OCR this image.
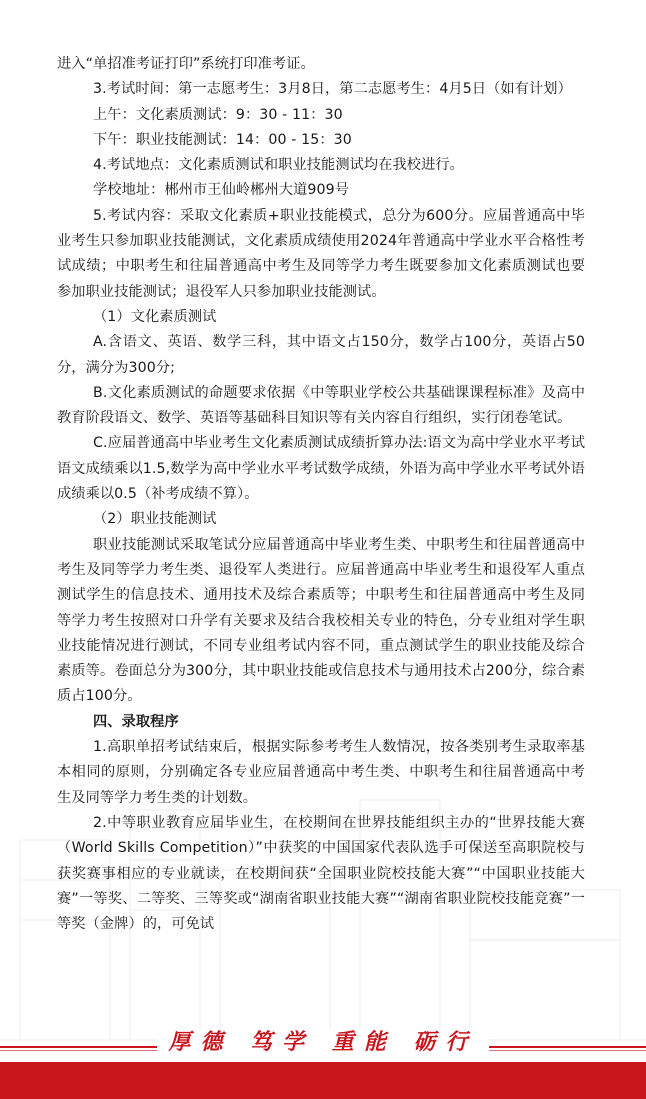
进入“单招准考证打印”系统打印准考证。

3.考试时间：第一志愿考生：3月8日，第二志愿考生：4月5日（如有计划）

上午：文化素质测试：9：30 - 11：30

下午：职业技能测试：14：00 - 15：30

4.考试地点：文化素质测试和职业技能测试均在我校进行。

学校地址：郴州市王仙岭郴州大道909号

5.考试内容：采取文化素质+职业技能模式，总分为600分。应届普通高中毕业考生只参加职业技能测试，文化素质成绩使用2024年普通高中学业水平合格性考试成绩；中职考生和往届普通高中考生及同等学力考生既要参加文化素质测试也要参加职业技能测试；退役军人只参加职业技能测试。

（1）文化素质测试

A.含语文、英语、数学三科，其中语文占150分，数学占100分，英语占50分，满分为300分;

B.文化素质测试的命题要求依据《中等职业学校公共基础课课程标准》及高中教育阶段语文、数学、英语等基础科目知识等有关内容自行组织，实行闭卷笔试。

C.应届普通高中毕业考生文化素质测试成绩折算办法:语文为高中学业水平考试语文成绩乘以1.5,数学为高中学业水平考试数学成绩，外语为高中学业水平考试外语成绩乘以0.5（补考成绩不算）。

（2）职业技能测试

职业技能测试采取笔试分应届普通高中毕业考生类、中职考生和往届普通高中考生及同等学力考生类、退役军人类进行。应届普通高中毕业考生和退役军人重点测试学生的信息技术、通用技术及综合素质等；中职考生和往届普通高中考生及同等学力考生按照对口升学有关要求及结合我校相关专业的特色，分专业组对学生职业技能情况进行测试，不同专业组考试内容不同，重点测试学生的职业技能及综合素质等。卷面总分为300分，其中职业技能或信息技术与通用技术占200分，综合素质占100分。

四、录取程序

1.高职单招考试结束后，根据实际参考考生人数情况，按各类别考生录取率基本相同的原则，分别确定各专业应届普通高中考生类、中职考生和往届普通高中考生及同等学力考生类的计划数。

2.中等职业教育应届毕业生，在校期间在世界技能组织主办的“世界技能大赛（World Skills Competition）”中获奖的中国国家代表队选手可保送至高职院校与获奖赛事相应的专业就读，在校期间获“全国职业院校技能大赛”“中国职业技能大赛”一等奖、二等奖、三等奖或“湖南省职业技能大赛”“湖南省职业院校技能竞赛”一等奖（金牌）的，可免试

厚德 笃学 重能 砺行
